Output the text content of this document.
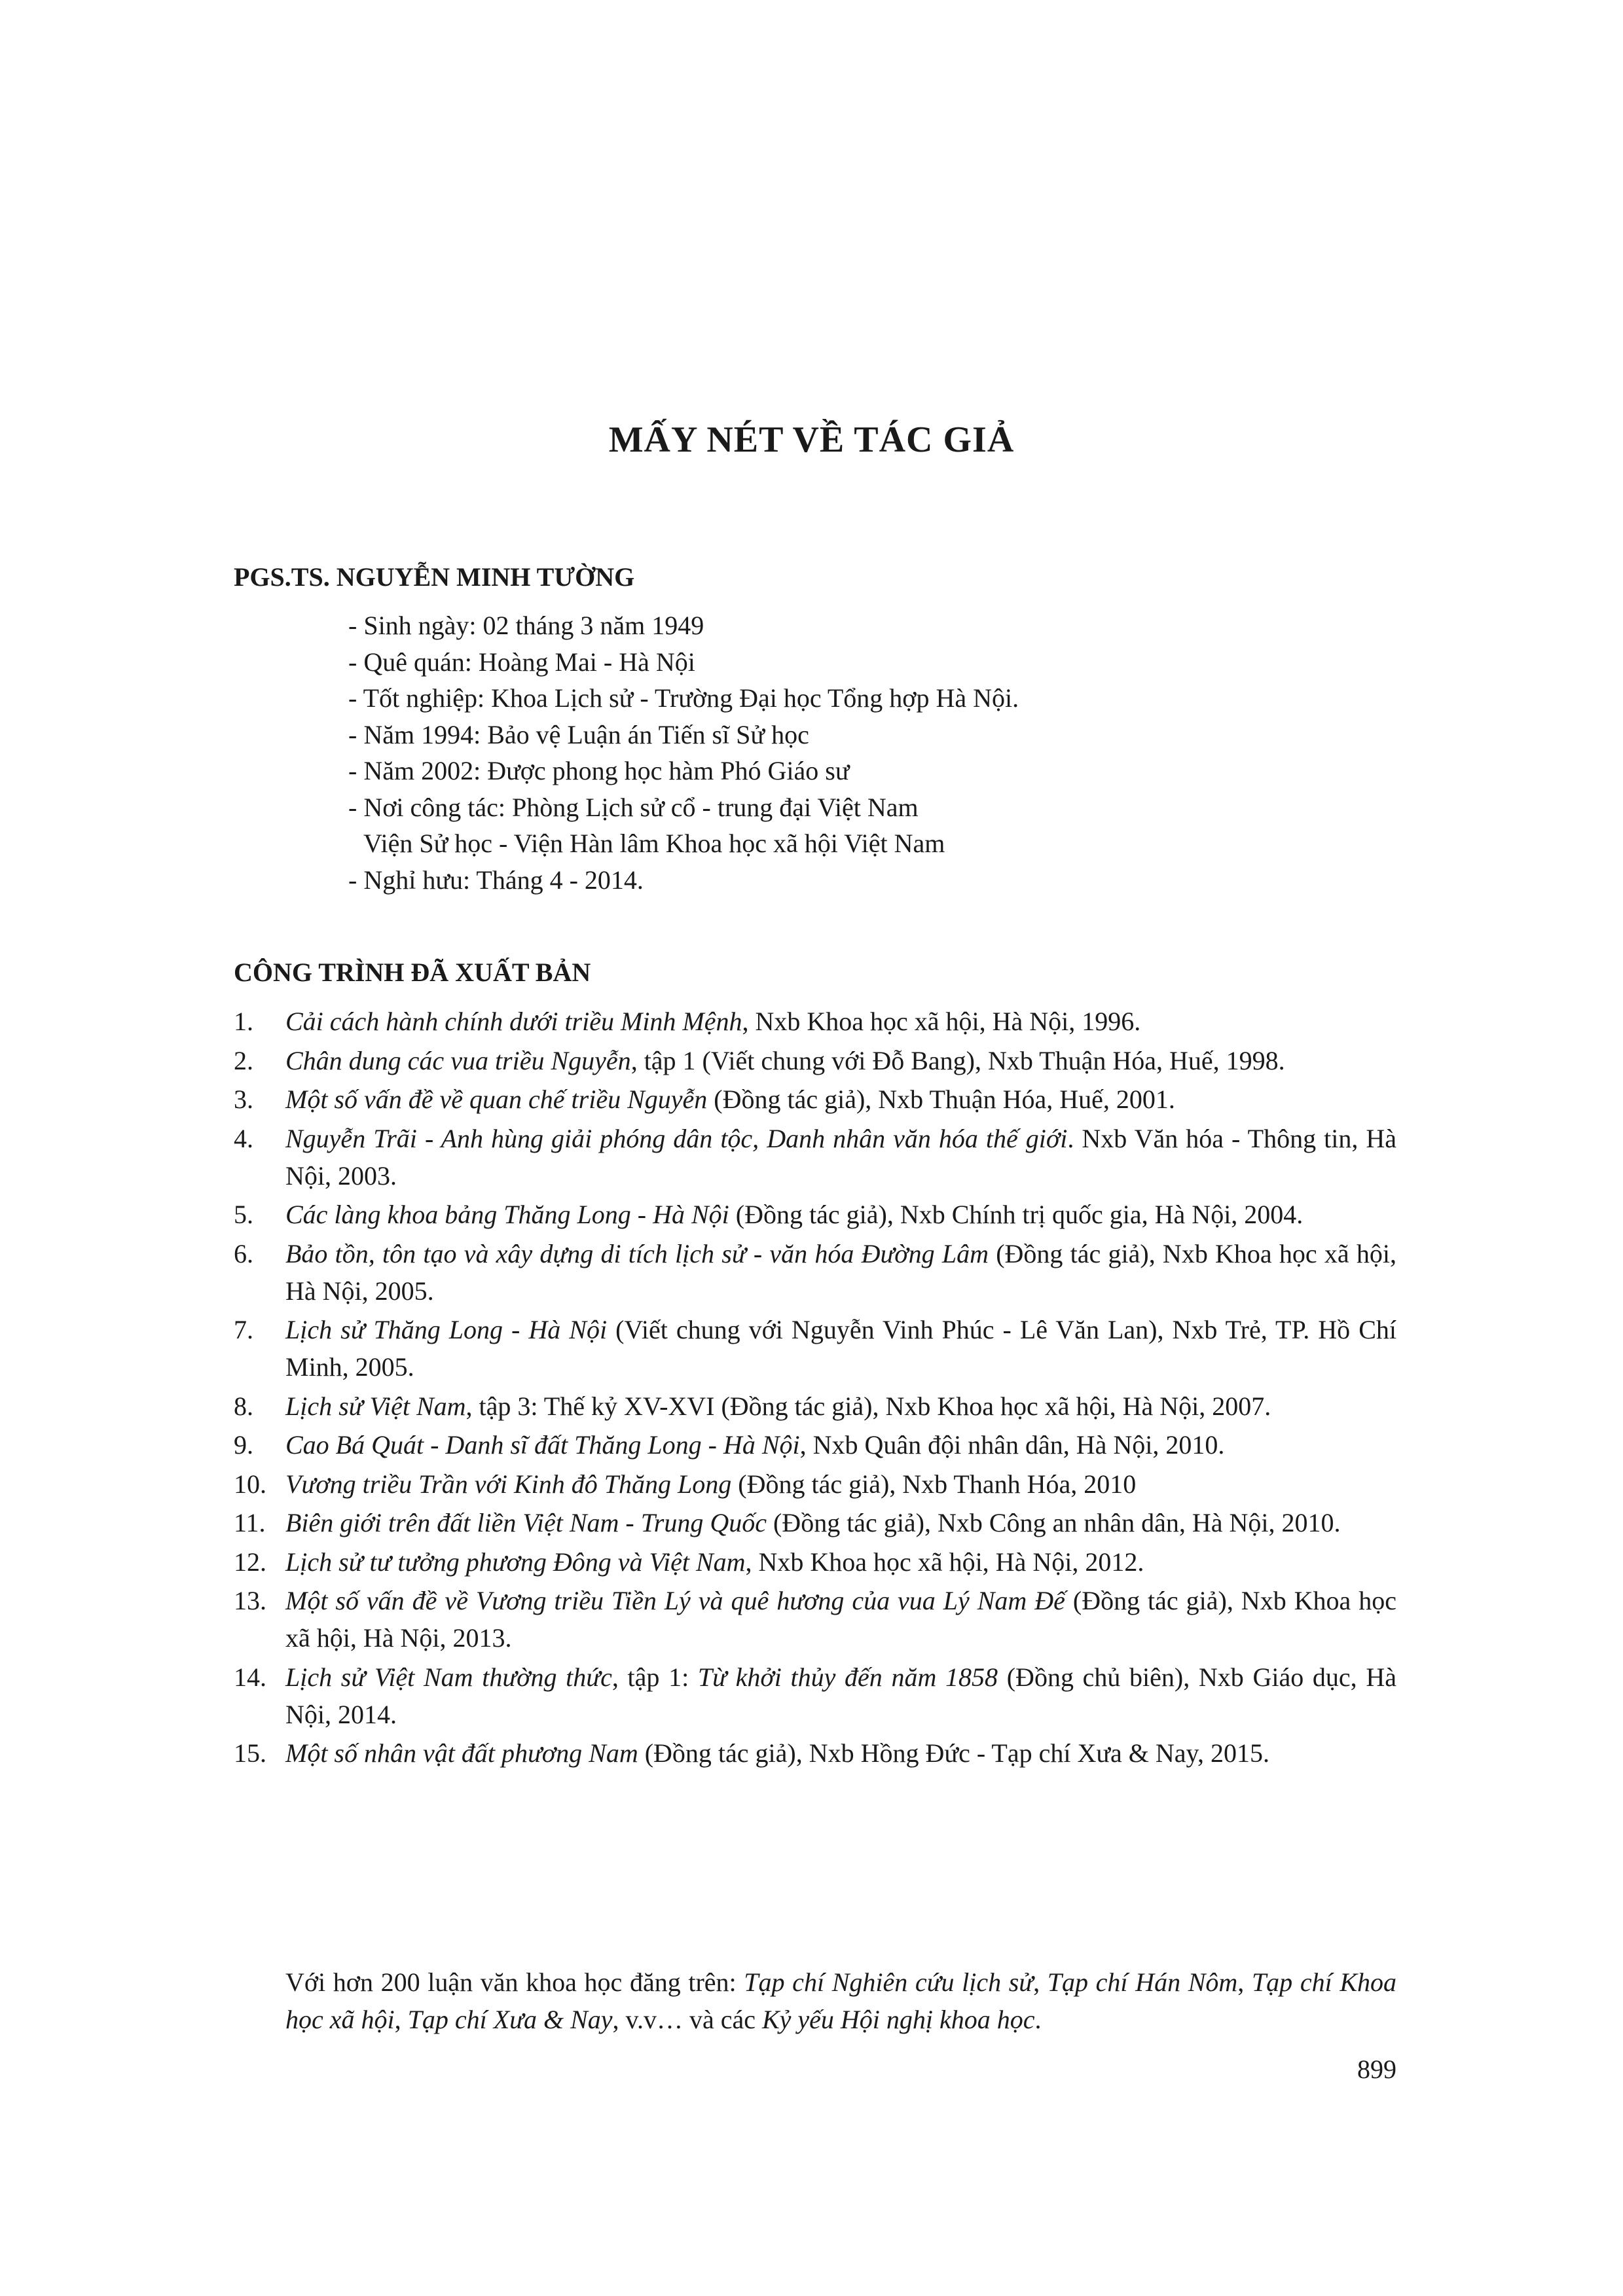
MẤY NÉT VỀ TÁC GIẢ
PGS.TS. NGUYỄN MINH TƯỜNG
- Sinh ngày: 02 tháng 3 năm 1949
- Quê quán: Hoàng Mai - Hà Nội
- Tốt nghiệp: Khoa Lịch sử - Trường Đại học Tổng hợp Hà Nội.
- Năm 1994: Bảo vệ Luận án Tiến sĩ Sử học
- Năm 2002: Được phong học hàm Phó Giáo sư
- Nơi công tác: Phòng Lịch sử cổ - trung đại Việt Nam
Viện Sử học - Viện Hàn lâm Khoa học xã hội Việt Nam
- Nghỉ hưu: Tháng 4 - 2014.
CÔNG TRÌNH ĐÃ XUẤT BẢN
1.	Cải cách hành chính dưới triều Minh Mệnh, Nxb Khoa học xã hội, Hà Nội, 1996.
2.	Chân dung các vua triều Nguyễn, tập 1 (Viết chung với Đỗ Bang), Nxb Thuận Hóa, Huế, 1998.
3.	Một số vấn đề về quan chế triều Nguyễn (Đồng tác giả), Nxb Thuận Hóa, Huế, 2001.
4.	Nguyễn Trãi - Anh hùng giải phóng dân tộc, Danh nhân văn hóa thế giới. Nxb Văn hóa - Thông tin, Hà Nội, 2003.
5.	Các làng khoa bảng Thăng Long - Hà Nội (Đồng tác giả), Nxb Chính trị quốc gia, Hà Nội, 2004.
6.	Bảo tồn, tôn tạo và xây dựng di tích lịch sử - văn hóa Đường Lâm (Đồng tác giả), Nxb Khoa học xã hội, Hà Nội, 2005.
7.	Lịch sử Thăng Long - Hà Nội (Viết chung với Nguyễn Vinh Phúc - Lê Văn Lan), Nxb Trẻ, TP. Hồ Chí Minh, 2005.
8.	Lịch sử Việt Nam, tập 3: Thế kỷ XV-XVI (Đồng tác giả), Nxb Khoa học xã hội, Hà Nội, 2007.
9.	Cao Bá Quát - Danh sĩ đất Thăng Long - Hà Nội, Nxb Quân đội nhân dân, Hà Nội, 2010.
10. Vương triều Trần với Kinh đô Thăng Long (Đồng tác giả), Nxb Thanh Hóa, 2010
11. Biên giới trên đất liền Việt Nam - Trung Quốc (Đồng tác giả), Nxb Công an nhân dân, Hà Nội, 2010.
12. Lịch sử tư tưởng phương Đông và Việt Nam, Nxb Khoa học xã hội, Hà Nội, 2012.
13. Một số vấn đề về Vương triều Tiền Lý và quê hương của vua Lý Nam Đế (Đồng tác giả), Nxb Khoa học xã hội, Hà Nội, 2013.
14. Lịch sử Việt Nam thường thức, tập 1: Từ khởi thủy đến năm 1858 (Đồng chủ biên), Nxb Giáo dục, Hà Nội, 2014.
15. Một số nhân vật đất phương Nam (Đồng tác giả), Nxb Hồng Đức - Tạp chí Xưa & Nay, 2015.

Với hơn 200 luận văn khoa học đăng trên: Tạp chí Nghiên cứu lịch sử, Tạp chí Hán Nôm, Tạp chí Khoa học xã hội, Tạp chí Xưa & Nay, v.v… và các Kỷ yếu Hội nghị khoa học.

899
